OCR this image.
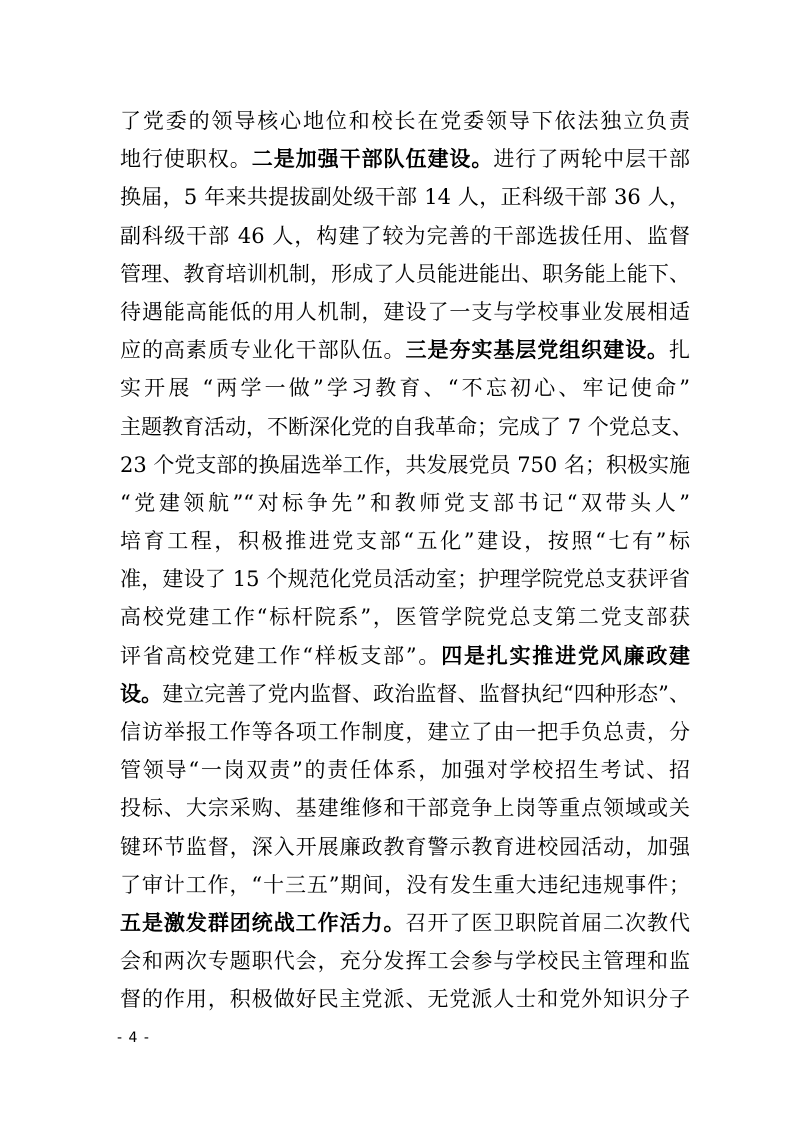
了党委的领导核心地位和校长在党委领导下依法独立负责
地行使职权。二是加强干部队伍建设。进行了两轮中层干部
换届，5 年来共提拔副处级干部 14 人，正科级干部 36 人，
副科级干部 46 人，构建了较为完善的干部选拔任用、监督
管理、教育培训机制，形成了人员能进能出、职务能上能下、
待遇能高能低的用人机制，建设了一支与学校事业发展相适
应的高素质专业化干部队伍。三是夯实基层党组织建设。扎
实开展 “两学一做”学习教育、“不忘初心、牢记使命”
主题教育活动，不断深化党的自我革命；完成了 7 个党总支、
23 个党支部的换届选举工作，共发展党员 750 名；积极实施
“党建领航”“对标争先”和教师党支部书记“双带头人”
培育工程，积极推进党支部“五化”建设，按照“七有”标
准，建设了 15 个规范化党员活动室；护理学院党总支获评省
高校党建工作“标杆院系”，医管学院党总支第二党支部获
评省高校党建工作“样板支部”。四是扎实推进党风廉政建
设。建立完善了党内监督、政治监督、监督执纪“四种形态”、
信访举报工作等各项工作制度，建立了由一把手负总责，分
管领导“一岗双责”的责任体系，加强对学校招生考试、招
投标、大宗采购、基建维修和干部竞争上岗等重点领域或关
键环节监督，深入开展廉政教育警示教育进校园活动，加强
了审计工作，“十三五”期间，没有发生重大违纪违规事件；
五是激发群团统战工作活力。召开了医卫职院首届二次教代
会和两次专题职代会，充分发挥工会参与学校民主管理和监
督的作用，积极做好民主党派、无党派人士和党外知识分子
- 4 -
